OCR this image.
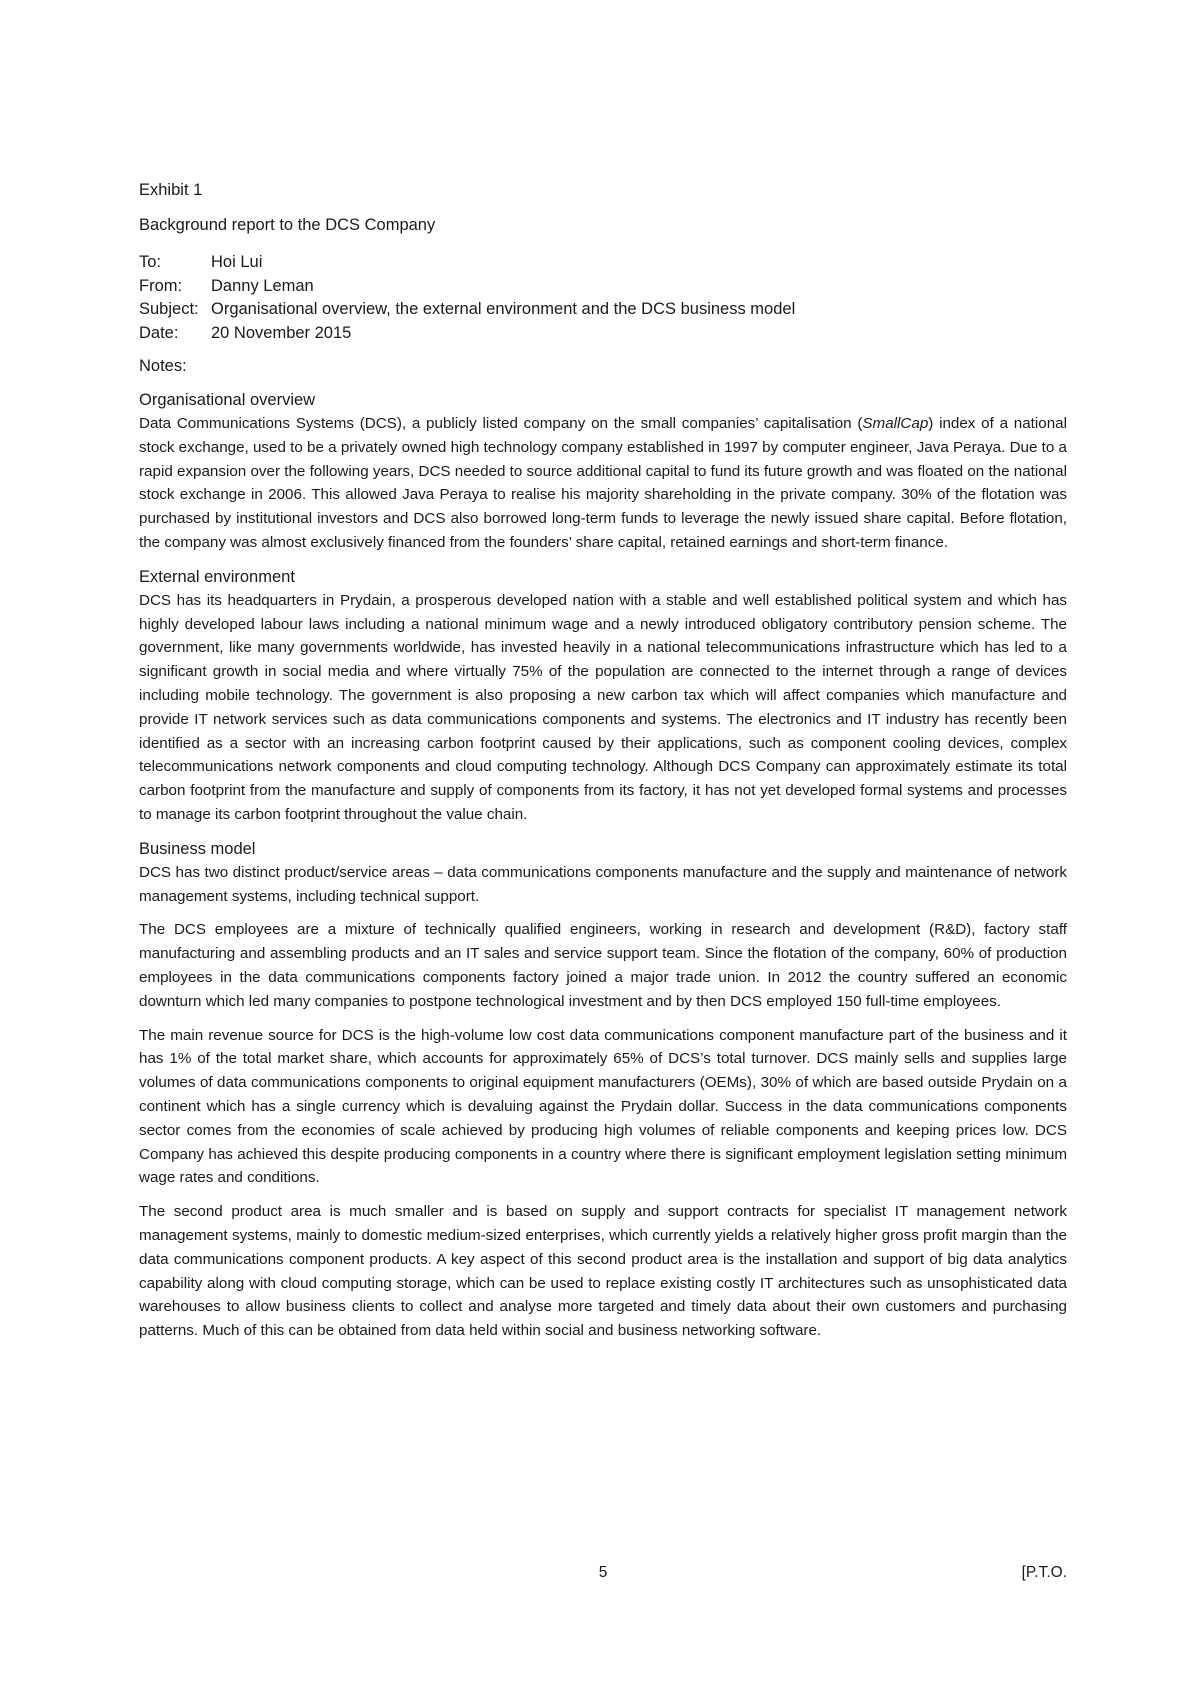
Exhibit 1
Background report to the DCS Company
To:	Hoi Lui
From:	Danny Leman
Subject: Organisational overview, the external environment and the DCS business model
Date:	20 November 2015
Notes:
Organisational overview

Data Communications Systems (DCS), a publicly listed company on the small companies’ capitalisation (SmallCap) index of a national stock exchange, used to be a privately owned high technology company established in 1997 by computer engineer, Java Peraya. Due to a rapid expansion over the following years, DCS needed to source additional capital to fund its future growth and was floated on the national stock exchange in 2006. This allowed Java Peraya to realise his majority shareholding in the private company. 30% of the flotation was purchased by institutional investors and DCS also borrowed long-term funds to leverage the newly issued share capital. Before flotation, the company was almost exclusively financed from the founders’ share capital, retained earnings and short-term finance.

External environment

DCS has its headquarters in Prydain, a prosperous developed nation with a stable and well established political system and which has highly developed labour laws including a national minimum wage and a newly introduced obligatory contributory pension scheme. The government, like many governments worldwide, has invested heavily in a national telecommunications infrastructure which has led to a significant growth in social media and where virtually 75% of the population are connected to the internet through a range of devices including mobile technology. The government is also proposing a new carbon tax which will affect companies which manufacture and provide IT network services such as data communications components and systems. The electronics and IT industry has recently been identified as a sector with an increasing carbon footprint caused by their applications, such as component cooling devices, complex telecommunications network components and cloud computing technology. Although DCS Company can approximately estimate its total carbon footprint from the manufacture and supply of components from its factory, it has not yet developed formal systems and processes to manage its carbon footprint throughout the value chain.

Business model

DCS has two distinct product/service areas – data communications components manufacture and the supply and maintenance of network management systems, including technical support.

The DCS employees are a mixture of technically qualified engineers, working in research and development (R&D), factory staff manufacturing and assembling products and an IT sales and service support team. Since the flotation of the company, 60% of production employees in the data communications components factory joined a major trade union. In 2012 the country suffered an economic downturn which led many companies to postpone technological investment and by then DCS employed 150 full-time employees.

The main revenue source for DCS is the high-volume low cost data communications component manufacture part of the business and it has 1% of the total market share, which accounts for approximately 65% of DCS’s total turnover. DCS mainly sells and supplies large volumes of data communications components to original equipment manufacturers (OEMs), 30% of which are based outside Prydain on a continent which has a single currency which is devaluing against the Prydain dollar. Success in the data communications components sector comes from the economies of scale achieved by producing high volumes of reliable components and keeping prices low. DCS Company has achieved this despite producing components in a country where there is significant employment legislation setting minimum wage rates and conditions.

The second product area is much smaller and is based on supply and support contracts for specialist IT management network management systems, mainly to domestic medium-sized enterprises, which currently yields a relatively higher gross profit margin than the data communications component products. A key aspect of this second product area is the installation and support of big data analytics capability along with cloud computing storage, which can be used to replace existing costly IT architectures such as unsophisticated data warehouses to allow business clients to collect and analyse more targeted and timely data about their own customers and purchasing patterns. Much of this can be obtained from data held within social and business networking software.

5	[P.T.O.
